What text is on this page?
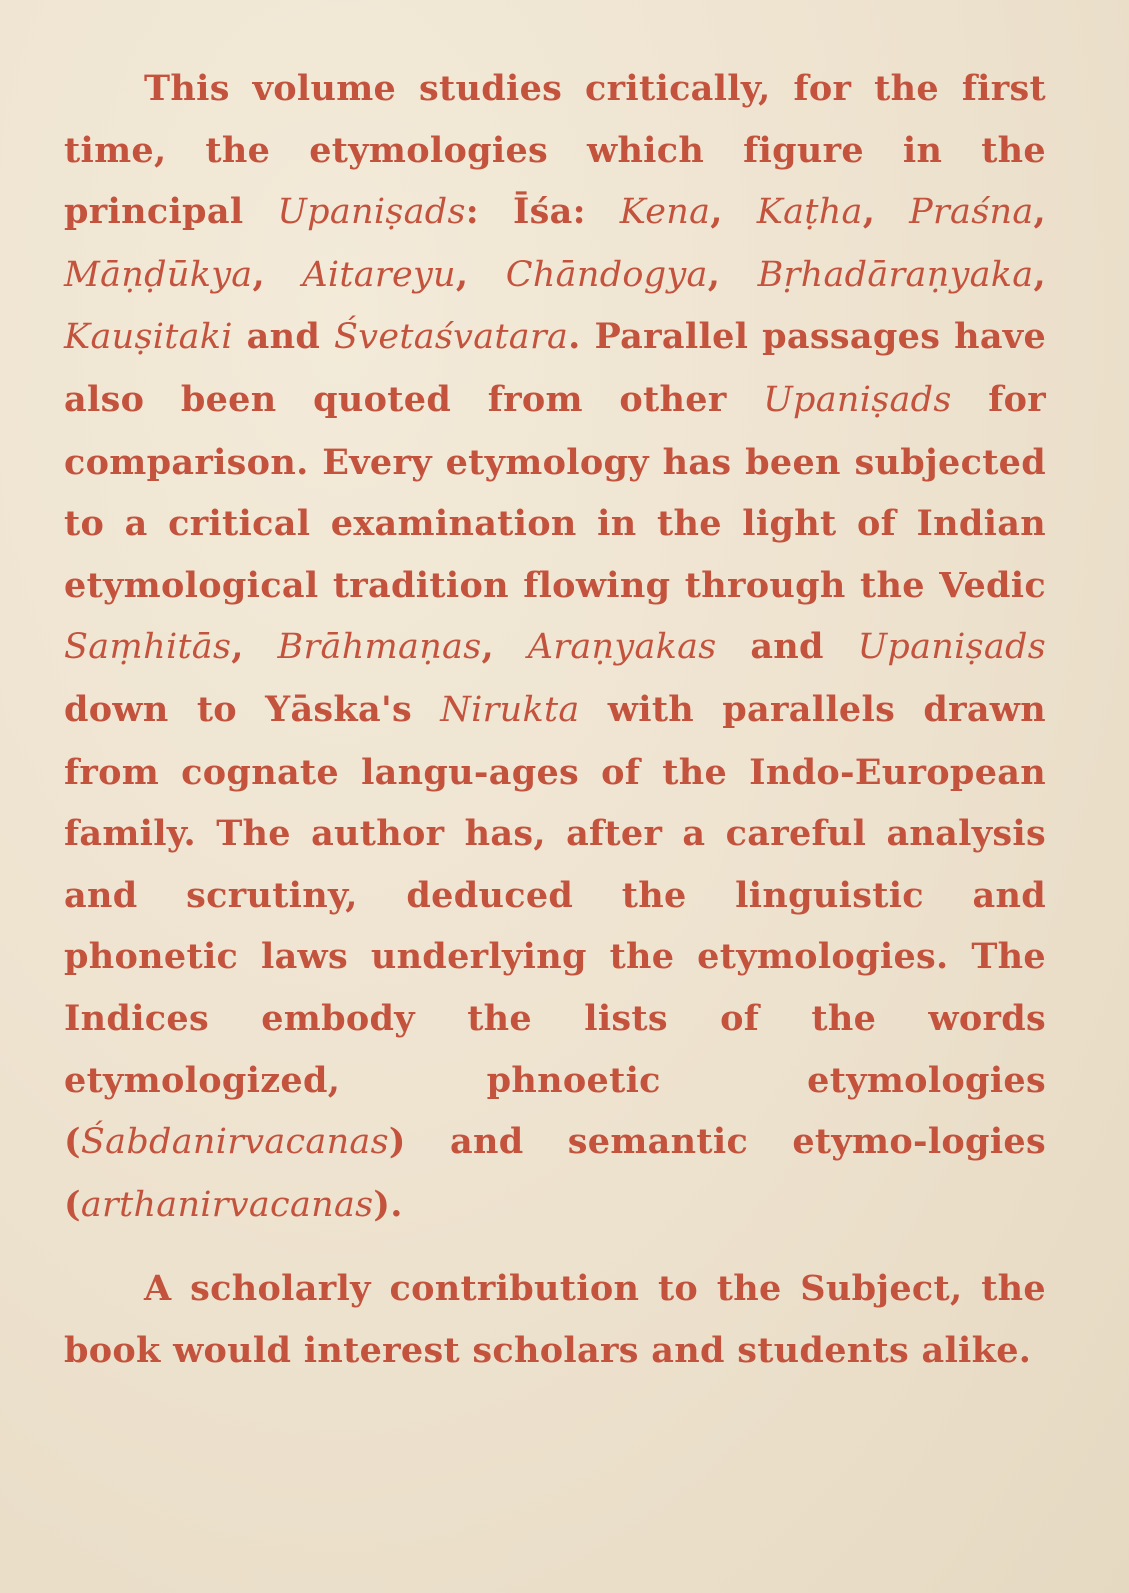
This volume studies critically, for the first time, the etymologies which figure in the principal Upaniṣads: Īśa: Kena, Kaṭha, Praśna, Māṇḍūkya, Aitareyu, Chāndogya, Bṛhadāraṇyaka, Kauṣitaki and Śvetaśvatara. Parallel passages have also been quoted from other Upaniṣads for comparison. Every etymology has been subjected to a critical examination in the light of Indian etymological tradition flowing through the Vedic Saṃhitās, Brāhmaṇas, Araṇyakas and Upaniṣads down to Yāska's Nirukta with parallels drawn from cognate langu-ages of the Indo-European family. The author has, after a careful analysis and scrutiny, deduced the linguistic and phonetic laws underlying the etymologies. The Indices embody the lists of the words etymologized, phnoetic etymologies (Śabdanirvacanas) and semantic etymo-logies (arthanirvacanas).

A scholarly contribution to the Subject, the book would interest scholars and students alike.
